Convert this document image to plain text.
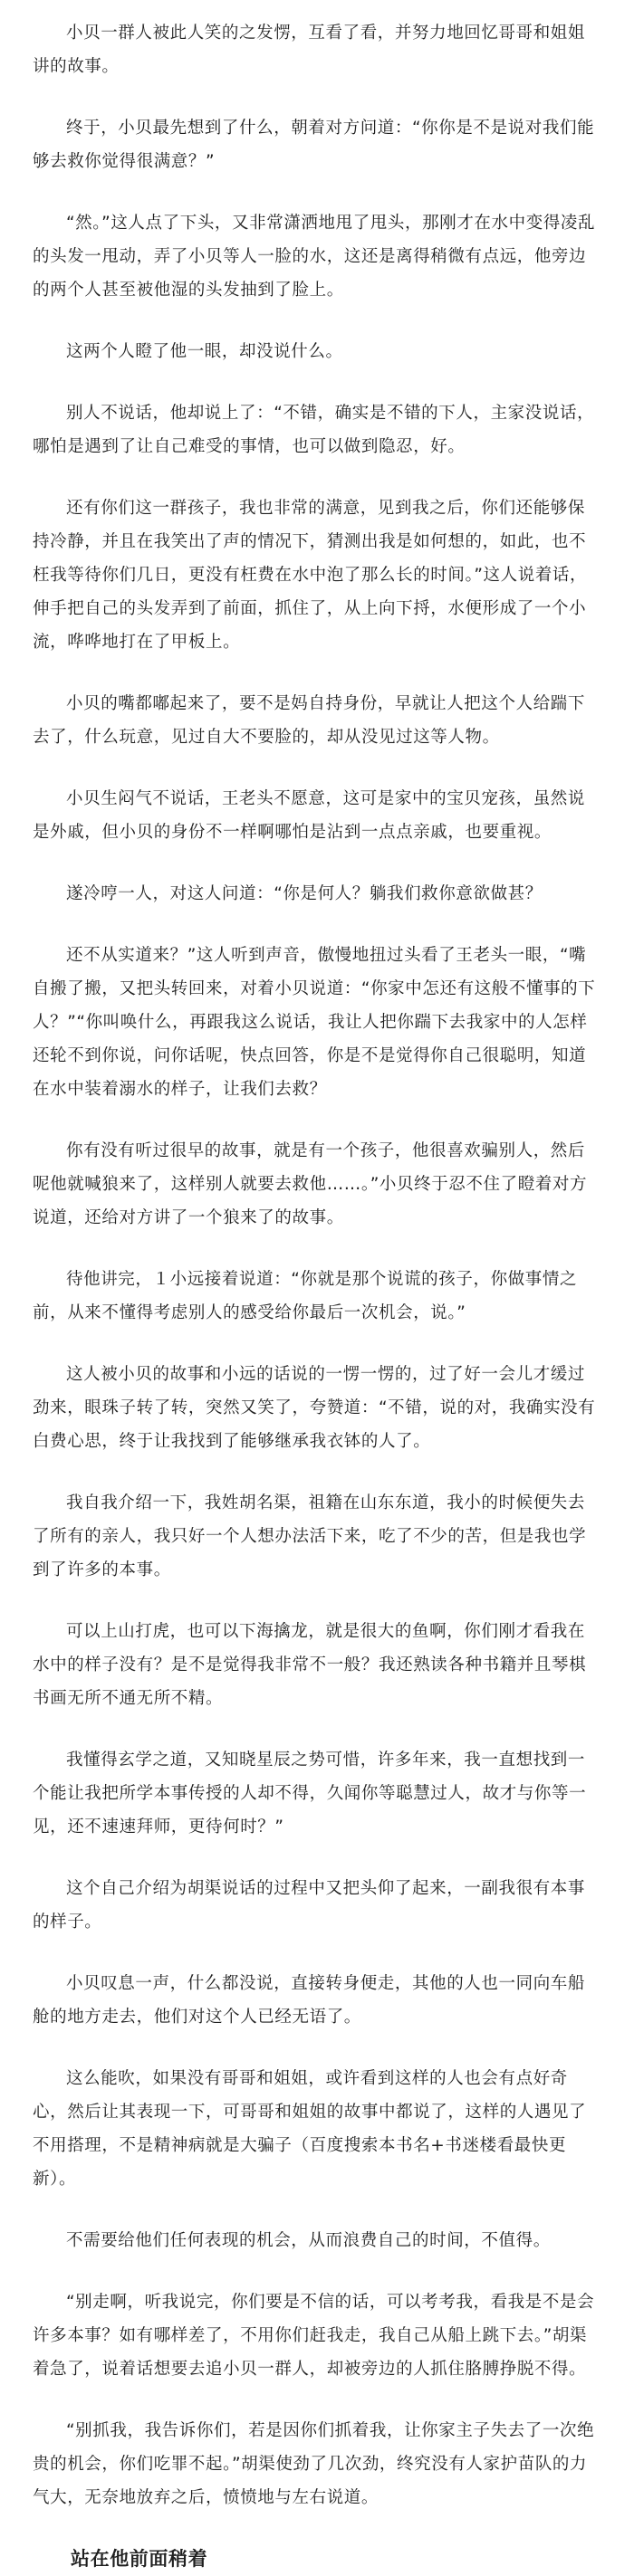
小贝一群人被此人笑的之发愣，互看了看，并努力地回忆哥哥和姐姐讲的故事。

终于，小贝最先想到了什么，朝着对方问道：“你你是不是说对我们能够去救你觉得很满意？”

“然。”这人点了下头，又非常潇洒地甩了甩头，那刚才在水中变得凌乱的头发一甩动，弄了小贝等人一脸的水，这还是离得稍微有点远，他旁边的两个人甚至被他湿的头发抽到了脸上。

这两个人瞪了他一眼，却没说什么。

别人不说话，他却说上了：“不错，确实是不错的下人，主家没说话，哪怕是遇到了让自己难受的事情，也可以做到隐忍，好。

还有你们这一群孩子，我也非常的满意，见到我之后，你们还能够保持冷静，并且在我笑出了声的情况下，猜测出我是如何想的，如此，也不枉我等待你们几日，更没有枉费在水中泡了那么长的时间。”这人说着话，伸手把自己的头发弄到了前面，抓住了，从上向下捋，水便形成了一个小流，哗哗地打在了甲板上。

小贝的嘴都嘟起来了，要不是妈自持身份，早就让人把这个人给踹下去了，什么玩意，见过自大不要脸的，却从没见过这等人物。

小贝生闷气不说话，王老头不愿意，这可是家中的宝贝宠孩，虽然说是外戚，但小贝的身份不一样啊哪怕是沾到一点点亲戚，也要重视。

遂冷哼一人，对这人问道：“你是何人？躺我们救你意欲做甚？

还不从实道来？”这人听到声音，傲慢地扭过头看了王老头一眼，“嘴自搬了搬，又把头转回来，对着小贝说道：“你家中怎还有这般不懂事的下人？”“你叫唤什么，再跟我这么说话，我让人把你踹下去我家中的人怎样还轮不到你说，问你话呢，快点回答，你是不是觉得你自己很聪明，知道在水中装着溺水的样子，让我们去救？

你有没有听过很早的故事，就是有一个孩子，他很喜欢骗别人，然后呢他就喊狼来了，这样别人就要去救他……。”小贝终于忍不住了瞪着对方说道，还给对方讲了一个狼来了的故事。

待他讲完，１小远接着说道：“你就是那个说谎的孩子，你做事情之前，从来不懂得考虑别人的感受给你最后一次机会，说。”

这人被小贝的故事和小远的话说的一愣一愣的，过了好一会儿才缓过劲来，眼珠子转了转，突然又笑了，夸赞道：“不错，说的对，我确实没有白费心思，终于让我找到了能够继承我衣钵的人了。

我自我介绍一下，我姓胡名渠，祖籍在山东东道，我小的时候便失去了所有的亲人，我只好一个人想办法活下来，吃了不少的苦，但是我也学到了许多的本事。

可以上山打虎，也可以下海擒龙，就是很大的鱼啊，你们刚才看我在水中的样子没有？是不是觉得我非常不一般？我还熟读各种书籍并且琴棋书画无所不通无所不精。

我懂得玄学之道，又知晓星辰之势可惜，许多年来，我一直想找到一个能让我把所学本事传授的人却不得，久闻你等聪慧过人，故才与你等一见，还不速速拜师，更待何时？”

这个自己介绍为胡渠说话的过程中又把头仰了起来，一副我很有本事的样子。

小贝叹息一声，什么都没说，直接转身便走，其他的人也一同向车船舱的地方走去，他们对这个人已经无语了。

这么能吹，如果没有哥哥和姐姐，或许看到这样的人也会有点好奇心，然后让其表现一下，可哥哥和姐姐的故事中都说了，这样的人遇见了不用搭理，不是精神病就是大骗子（百度搜索本书名+书迷楼看最快更新）。

不需要给他们任何表现的机会，从而浪费自己的时间，不值得。

“别走啊，听我说完，你们要是不信的话，可以考考我，看我是不是会许多本事？如有哪样差了，不用你们赶我走，我自己从船上跳下去。”胡渠着急了，说着话想要去追小贝一群人，却被旁边的人抓住胳膊挣脱不得。

“别抓我，我告诉你们，若是因你们抓着我，让你家主子失去了一次绝贵的机会，你们吃罪不起。”胡渠使劲了几次劲，终究没有人家护苗队的力气大，无奈地放弃之后，愤愤地与左右说道。

站在他前面稍着
